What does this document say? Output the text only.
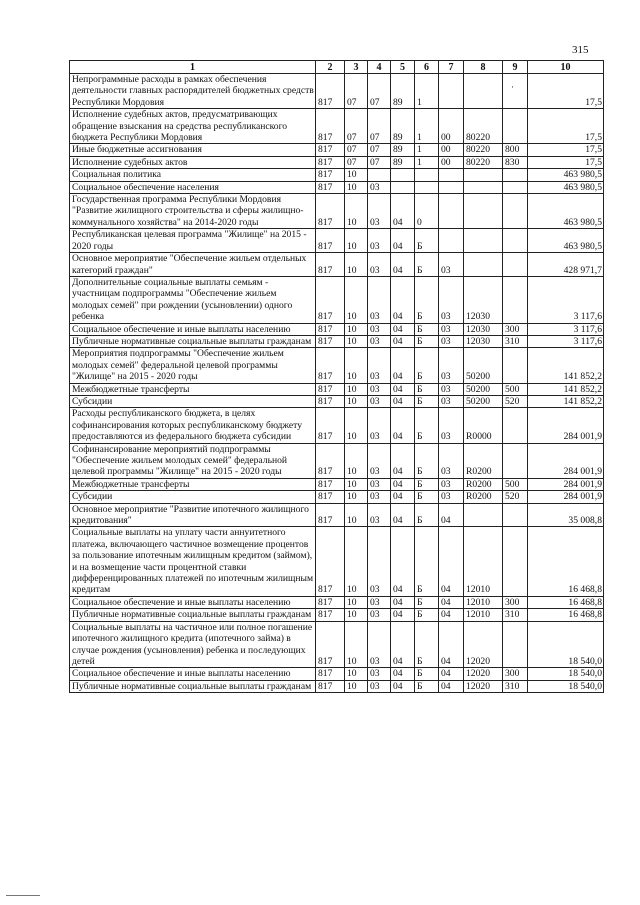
315
·
1	2	3	4	5	6	7	8	9	10
Непрограммные расходы в рамках обеспечения деятельности главных распорядителей бюджетных средств Республики Мордовия	817	07	07	89	1				17,5
Исполнение судебных актов, предусматривающих обращение взыскания на средства республиканского бюджета Республики Мордовия	817	07	07	89	1	00	80220		17,5
Иные бюджетные ассигнования	817	07	07	89	1	00	80220	800	17,5
Исполнение судебных актов	817	07	07	89	1	00	80220	830	17,5
Социальная политика	817	10							463 980,5
Социальное обеспечение населения	817	10	03						463 980,5
Государственная программа Республики Мордовия "Развитие жилищного строительства и сферы жилищно-коммунального хозяйства" на 2014-2020 годы	817	10	03	04	0				463 980,5
Республиканская целевая программа "Жилище" на 2015 - 2020 годы	817	10	03	04	Б				463 980,5
Основное мероприятие "Обеспечение жильем отдельных категорий граждан"	817	10	03	04	Б	03			428 971,7
Дополнительные социальные выплаты семьям - участницам подпрограммы "Обеспечение жильем молодых семей" при рождении (усыновлении) одного ребенка	817	10	03	04	Б	03	12030		3 117,6
Социальное обеспечение и иные выплаты населению	817	10	03	04	Б	03	12030	300	3 117,6
Публичные нормативные социальные выплаты гражданам	817	10	03	04	Б	03	12030	310	3 117,6
Мероприятия подпрограммы "Обеспечение жильем молодых семей" федеральной целевой программы "Жилище" на 2015 - 2020 годы	817	10	03	04	Б	03	50200		141 852,2
Межбюджетные трансферты	817	10	03	04	Б	03	50200	500	141 852,2
Субсидии	817	10	03	04	Б	03	50200	520	141 852,2
Расходы республиканского бюджета, в целях софинансирования которых республиканскому бюджету предоставляются из федерального бюджета субсидии	817	10	03	04	Б	03	R0000		284 001,9
Софинансирование мероприятий подпрограммы "Обеспечение жильем молодых семей" федеральной целевой программы "Жилище" на 2015 - 2020 годы	817	10	03	04	Б	03	R0200		284 001,9
Межбюджетные трансферты	817	10	03	04	Б	03	R0200	500	284 001,9
Субсидии	817	10	03	04	Б	03	R0200	520	284 001,9
Основное мероприятие "Развитие ипотечного жилищного кредитования"	817	10	03	04	Б	04			35 008,8
Социальные выплаты на уплату части аннуитетного платежа, включающего частичное возмещение процентов за пользование ипотечным жилищным кредитом (займом), и на возмещение части процентной ставки дифференцированных платежей по ипотечным жилищным кредитам	817	10	03	04	Б	04	12010		16 468,8
Социальное обеспечение и иные выплаты населению	817	10	03	04	Б	04	12010	300	16 468,8
Публичные нормативные социальные выплаты гражданам	817	10	03	04	Б	04	12010	310	16 468,8
Социальные выплаты на частичное или полное погашение ипотечного жилищного кредита (ипотечного займа) в случае рождения (усыновления) ребенка и последующих детей	817	10	03	04	Б	04	12020		18 540,0
Социальное обеспечение и иные выплаты населению	817	10	03	04	Б	04	12020	300	18 540,0
Публичные нормативные социальные выплаты гражданам	817	10	03	04	Б	04	12020	310	18 540,0
